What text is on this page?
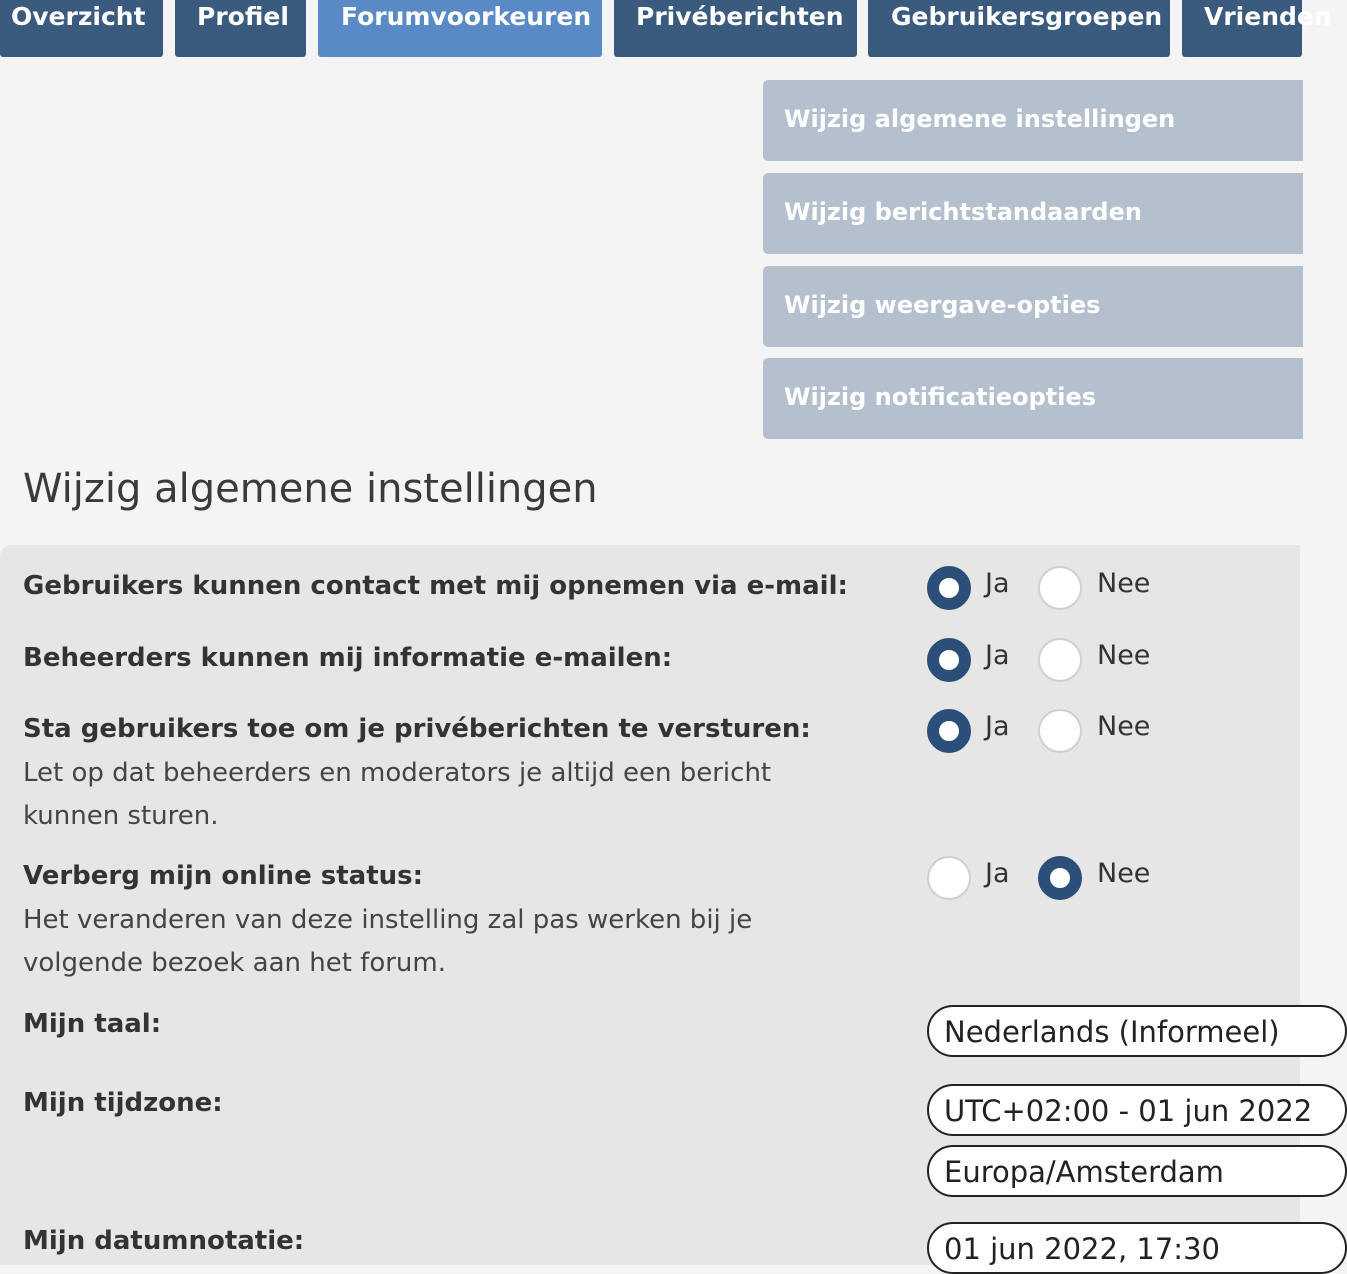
Overzicht	Profiel	Forumvoorkeuren	Privéberichten	Gebruikersgroepen	Vrienden
Wijzig algemene instellingen
Wijzig berichtstandaarden
Wijzig weergave-opties
Wijzig notificatieopties
Wijzig algemene instellingen
Gebruikers kunnen contact met mij opnemen via e-mail:	Ja	Nee
Beheerders kunnen mij informatie e-mailen:	Ja	Nee
Sta gebruikers toe om je privéberichten te versturen:
Let op dat beheerders en moderators je altijd een bericht kunnen sturen.
Ja	Nee
Verberg mijn online status:
Het veranderen van deze instelling zal pas werken bij je volgende bezoek aan het forum.
Ja	Nee
Mijn taal:	Nederlands (Informeel)
Mijn tijdzone:	UTC+02:00 - 01 jun 2022
Europa/Amsterdam
Mijn datumnotatie:	01 jun 2022, 17:30
